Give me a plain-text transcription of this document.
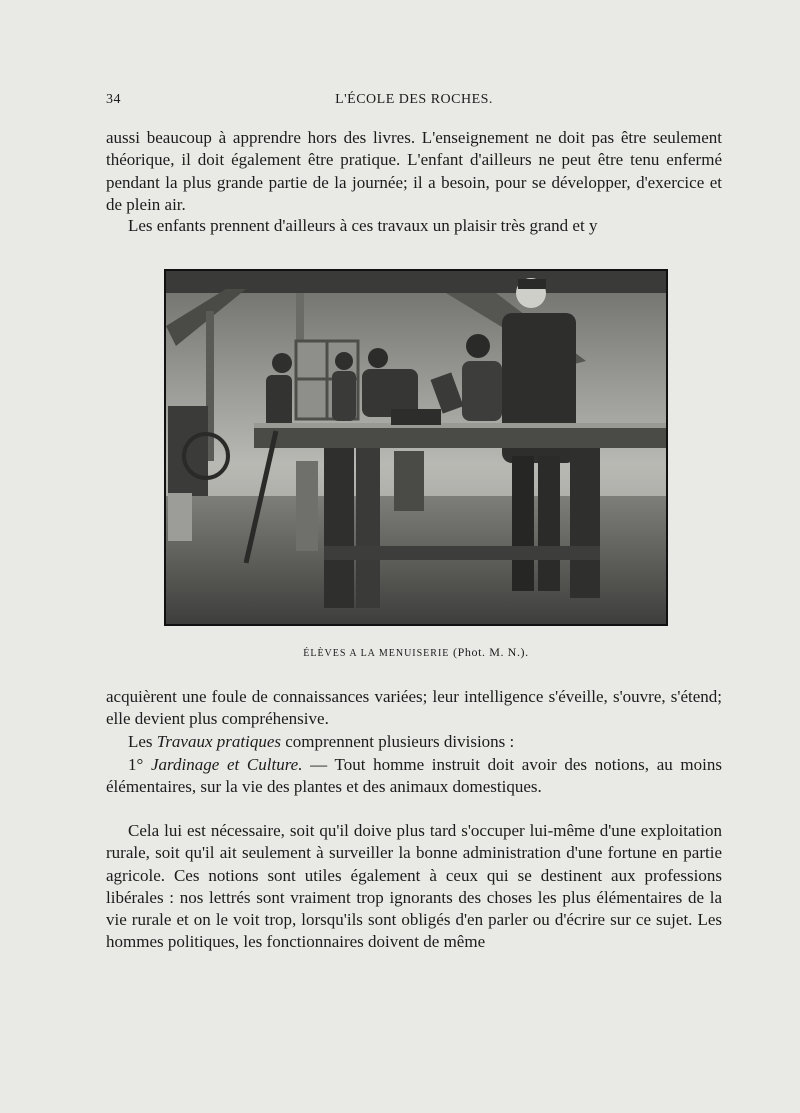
34	L'ÉCOLE DES ROCHES.

aussi beaucoup à apprendre hors des livres. L'enseignement ne doit pas être seulement théorique, il doit également être pratique. L'enfant d'ailleurs ne peut être tenu enfermé pendant la plus grande partie de la journée; il a besoin, pour se développer, d'exercice et de plein air.

Les enfants prennent d'ailleurs à ces travaux un plaisir très grand et y

ÉLÈVES A LA MENUISERIE (Phot. M. N.).

acquièrent une foule de connaissances variées; leur intelligence s'éveille, s'ouvre, s'étend; elle devient plus compréhensive.

Les Travaux pratiques comprennent plusieurs divisions :

1° Jardinage et Culture. — Tout homme instruit doit avoir des notions, au moins élémentaires, sur la vie des plantes et des animaux domestiques.

Cela lui est nécessaire, soit qu'il doive plus tard s'occuper lui-même d'une exploitation rurale, soit qu'il ait seulement à surveiller la bonne administration d'une fortune en partie agricole. Ces notions sont utiles également à ceux qui se destinent aux professions libérales : nos lettrés sont vraiment trop ignorants des choses les plus élémentaires de la vie rurale et on le voit trop, lorsqu'ils sont obligés d'en parler ou d'écrire sur ce sujet. Les hommes politiques, les fonctionnaires doivent de même
